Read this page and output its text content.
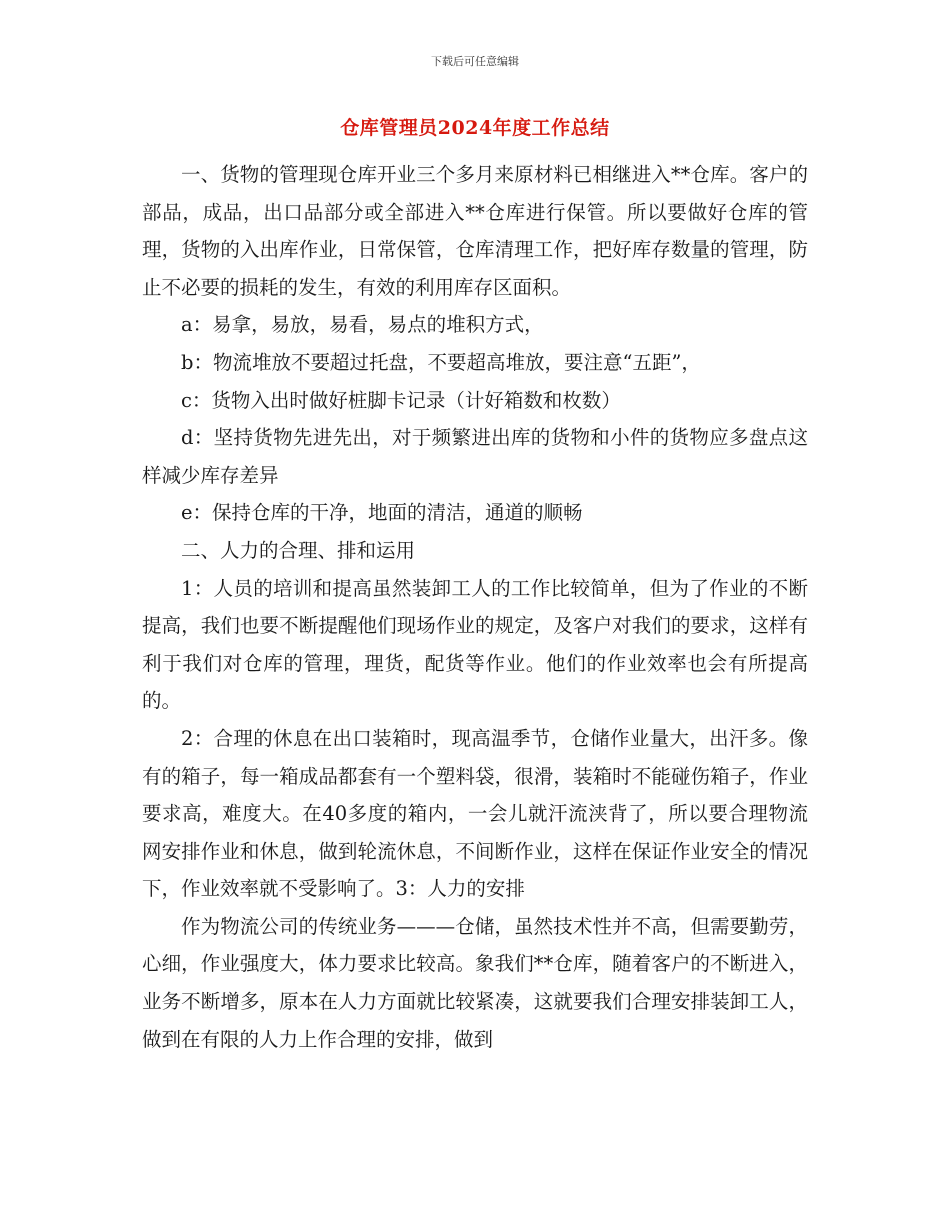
下载后可任意编辑
仓库管理员2024年度工作总结

一、货物的管理现仓库开业三个多月来原材料已相继进入**仓库。客户的部品，成品，出口品部分或全部进入**仓库进行保管。所以要做好仓库的管理，货物的入出库作业，日常保管，仓库清理工作，把好库存数量的管理，防止不必要的损耗的发生，有效的利用库存区面积。

a：易拿，易放，易看，易点的堆积方式，

b：物流堆放不要超过托盘，不要超高堆放，要注意“五距”，

c：货物入出时做好桩脚卡记录（计好箱数和枚数）

d：坚持货物先进先出，对于频繁进出库的货物和小件的货物应多盘点这样减少库存差异

e：保持仓库的干净，地面的清洁，通道的顺畅

二、人力的合理、排和运用

1：人员的培训和提高虽然装卸工人的工作比较简单，但为了作业的不断提高，我们也要不断提醒他们现场作业的规定，及客户对我们的要求，这样有利于我们对仓库的管理，理货，配货等作业。他们的作业效率也会有所提高的。

2：合理的休息在出口装箱时，现高温季节，仓储作业量大，出汗多。像有的箱子，每一箱成品都套有一个塑料袋，很滑，装箱时不能碰伤箱子，作业要求高，难度大。在40多度的箱内，一会儿就汗流浃背了，所以要合理物流网安排作业和休息，做到轮流休息，不间断作业，这样在保证作业安全的情况下，作业效率就不受影响了。3：人力的安排

作为物流公司的传统业务———仓储，虽然技术性并不高，但需要勤劳，心细，作业强度大，体力要求比较高。象我们**仓库，随着客户的不断进入，业务不断增多，原本在人力方面就比较紧凑，这就要我们合理安排装卸工人，做到在有限的人力上作合理的安排，做到
